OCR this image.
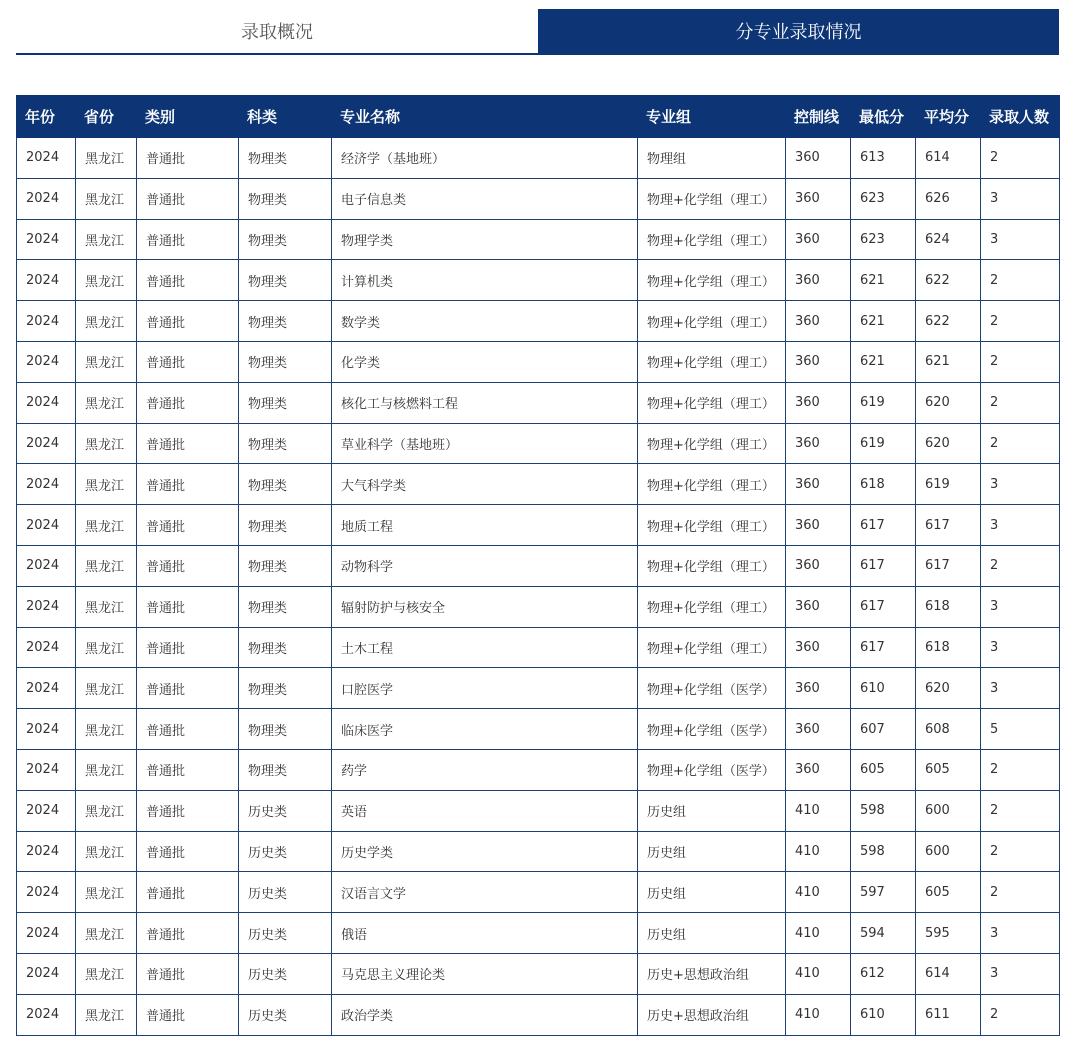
录取概况	分专业录取情况
年份	省份	类别	科类	专业名称	专业组	控制线	最低分	平均分	录取人数
2024	黑龙江	普通批	物理类	经济学（基地班）	物理组	360	613	614	2
2024	黑龙江	普通批	物理类	电子信息类	物理+化学组（理工）	360	623	626	3
2024	黑龙江	普通批	物理类	物理学类	物理+化学组（理工）	360	623	624	3
2024	黑龙江	普通批	物理类	计算机类	物理+化学组（理工）	360	621	622	2
2024	黑龙江	普通批	物理类	数学类	物理+化学组（理工）	360	621	622	2
2024	黑龙江	普通批	物理类	化学类	物理+化学组（理工）	360	621	621	2
2024	黑龙江	普通批	物理类	核化工与核燃料工程	物理+化学组（理工）	360	619	620	2
2024	黑龙江	普通批	物理类	草业科学（基地班）	物理+化学组（理工）	360	619	620	2
2024	黑龙江	普通批	物理类	大气科学类	物理+化学组（理工）	360	618	619	3
2024	黑龙江	普通批	物理类	地质工程	物理+化学组（理工）	360	617	617	3
2024	黑龙江	普通批	物理类	动物科学	物理+化学组（理工）	360	617	617	2
2024	黑龙江	普通批	物理类	辐射防护与核安全	物理+化学组（理工）	360	617	618	3
2024	黑龙江	普通批	物理类	土木工程	物理+化学组（理工）	360	617	618	3
2024	黑龙江	普通批	物理类	口腔医学	物理+化学组（医学）	360	610	620	3
2024	黑龙江	普通批	物理类	临床医学	物理+化学组（医学）	360	607	608	5
2024	黑龙江	普通批	物理类	药学	物理+化学组（医学）	360	605	605	2
2024	黑龙江	普通批	历史类	英语	历史组	410	598	600	2
2024	黑龙江	普通批	历史类	历史学类	历史组	410	598	600	2
2024	黑龙江	普通批	历史类	汉语言文学	历史组	410	597	605	2
2024	黑龙江	普通批	历史类	俄语	历史组	410	594	595	3
2024	黑龙江	普通批	历史类	马克思主义理论类	历史+思想政治组	410	612	614	3
2024	黑龙江	普通批	历史类	政治学类	历史+思想政治组	410	610	611	2
